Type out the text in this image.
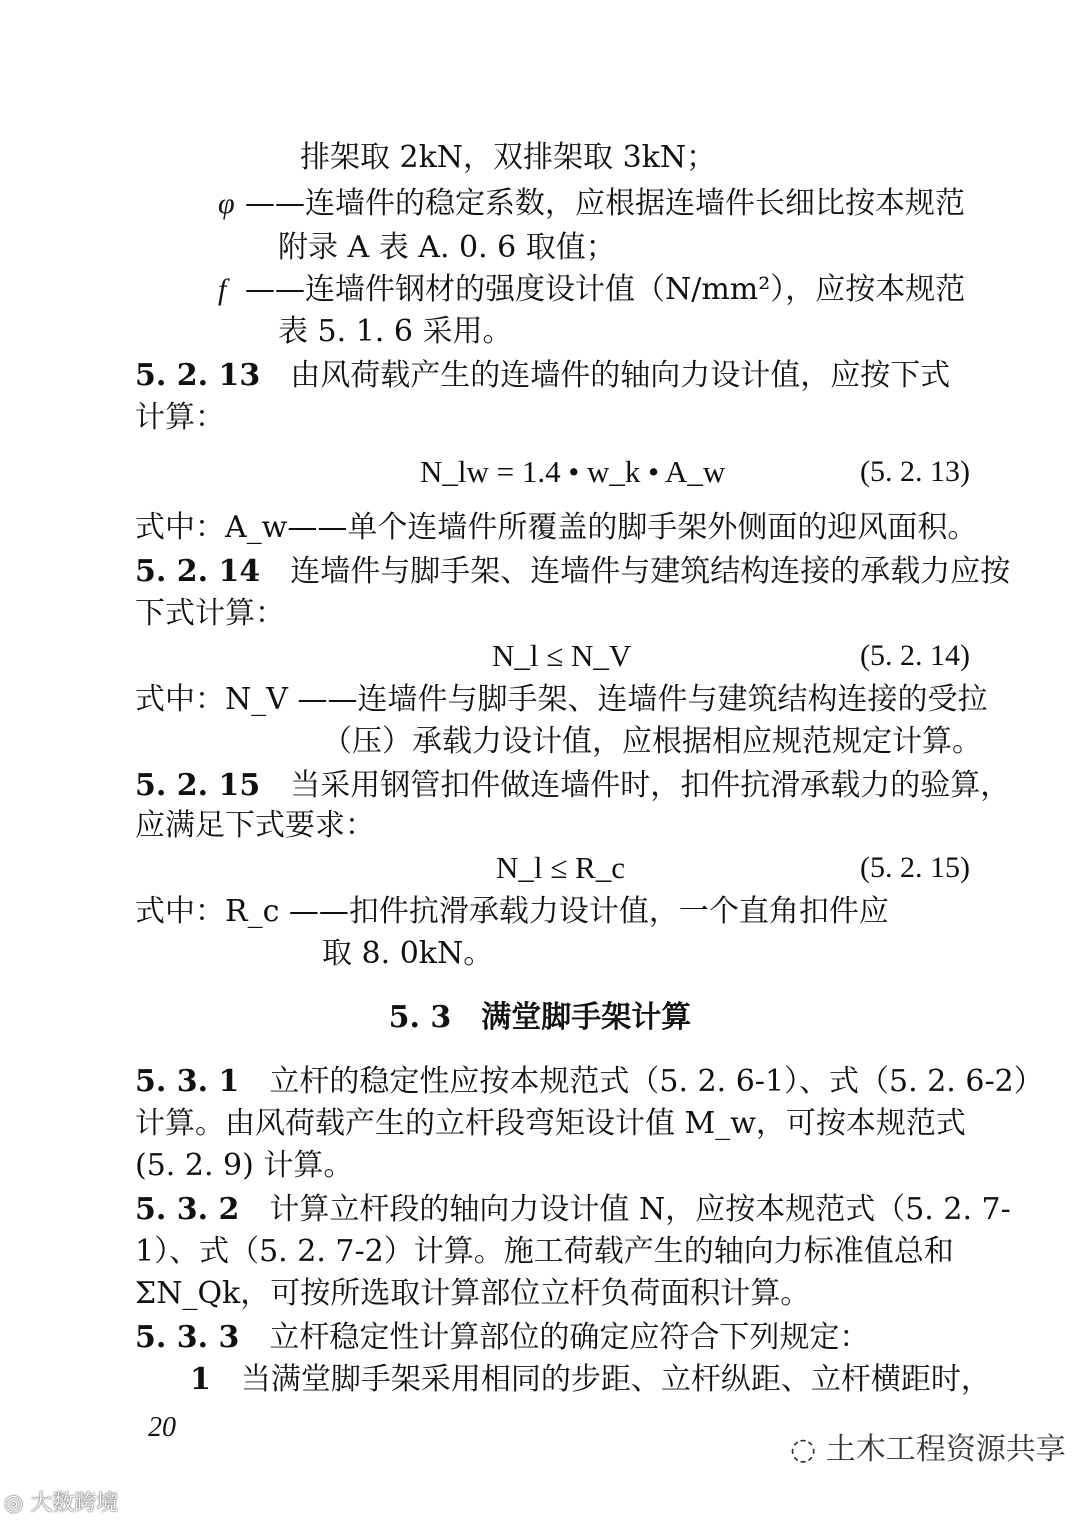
排架取 2kN，双排架取 3kN；
φ ——连墙件的稳定系数，应根据连墙件长细比按本规范
附录 A 表 A. 0. 6 取值；
f ——连墙件钢材的强度设计值（N/mm²），应按本规范
表 5. 1. 6 采用。
5. 2. 13　 由风荷载产生的连墙件的轴向力设计值，应按下式
计算：
N_lw = 1.4 • w_k • A_w	(5. 2. 13)
式中：A_w——单个连墙件所覆盖的脚手架外侧面的迎风面积。
5. 2. 14　 连墙件与脚手架、连墙件与建筑结构连接的承载力应按
下式计算：
N_l ≤ N_V	(5. 2. 14)
式中：N_V ——连墙件与脚手架、连墙件与建筑结构连接的受拉
（压）承载力设计值，应根据相应规范规定计算。
5. 2. 15　 当采用钢管扣件做连墙件时，扣件抗滑承载力的验算，
应满足下式要求：
N_l ≤ R_c	(5. 2. 15)
式中：R_c ——扣件抗滑承载力设计值，一个直角扣件应
取 8. 0kN。
5. 3　满堂脚手架计算
5. 3. 1　 立杆的稳定性应按本规范式（5. 2. 6-1）、式（5. 2. 6-2）
计算。由风荷载产生的立杆段弯矩设计值 M_w，可按本规范式
(5. 2. 9) 计算。
5. 3. 2　 计算立杆段的轴向力设计值 N，应按本规范式（5. 2. 7-
1）、式（5. 2. 7-2）计算。施工荷载产生的轴向力标准值总和
ΣN_Qk，可按所选取计算部位立杆负荷面积计算。
5. 3. 3　 立杆稳定性计算部位的确定应符合下列规定：
1　 当满堂脚手架采用相同的步距、立杆纵距、立杆横距时，
20
◎ 大数跨境
◌ 土木工程资源共享
